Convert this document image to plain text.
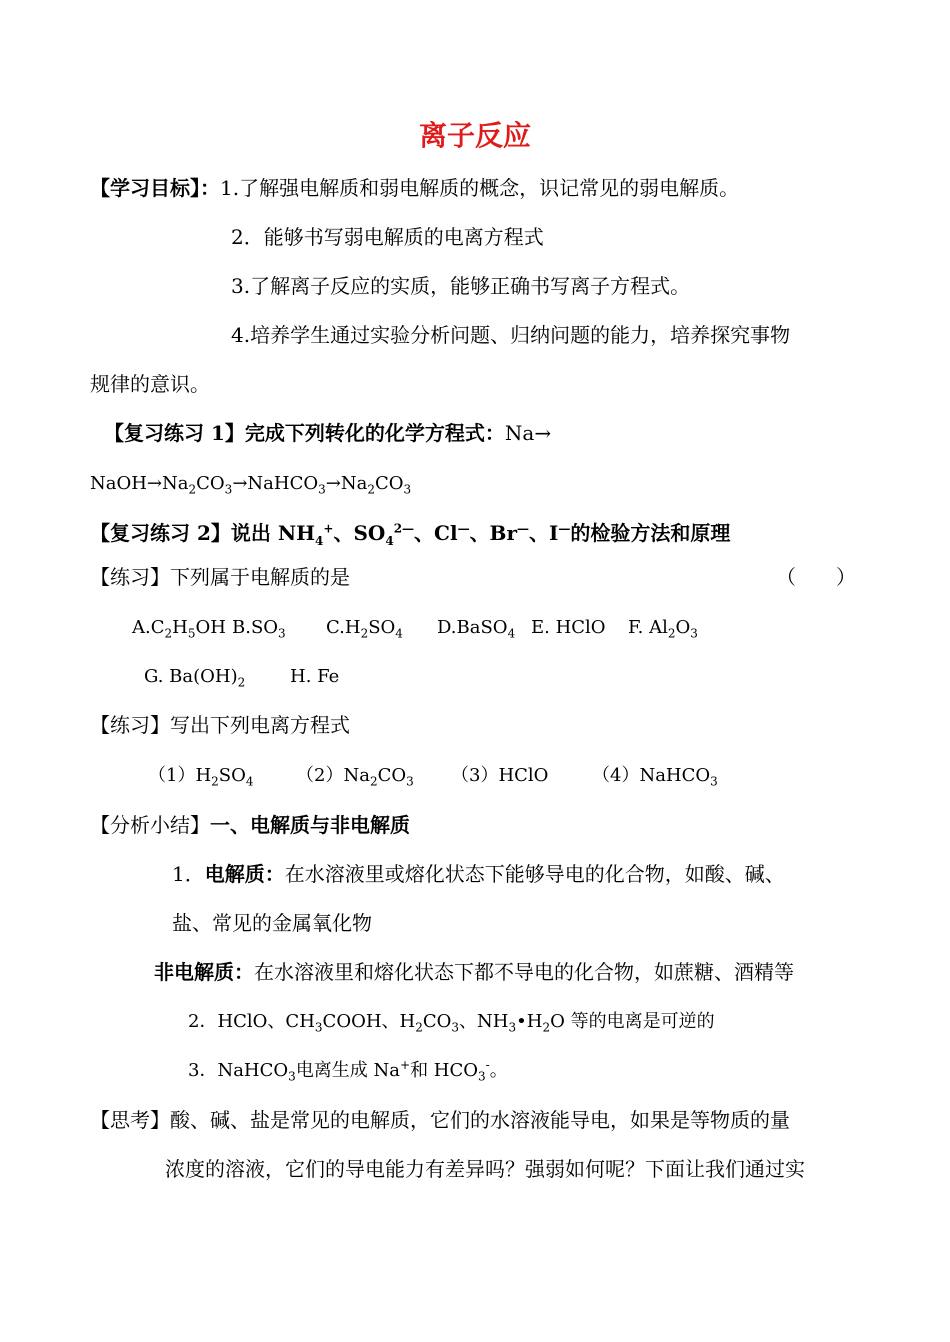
离子反应
【学习目标】：1.了解强电解质和弱电解质的概念，识记常见的弱电解质。
2．能够书写弱电解质的电离方程式
3.了解离子反应的实质，能够正确书写离子方程式。
4.培养学生通过实验分析问题、归纳问题的能力，培养探究事物
规律的意识。
【复习练习 1】完成下列转化的化学方程式：Na→
$NaOH\to Na_2CO_3\to NaHCO_3\to Na_2CO_3$
【复习练习 2】说出 $NH_4^+$、$SO_4^{2—}$、Cl—、Br—、I—的检验方法和原理
【练习】下列属于电解质的是	（　　）
$A.C_2H_5OH$ $B.SO_3$ $C.H_2SO_4$ D.BaSO$_4$ E. HClO F. $Al_2O_3$
G. $Ba(OH)_2$ H. Fe
【练习】写出下列电离方程式
$(1)H_2SO_4$ $(2)Na_2CO_3$ （3）HClO （4）NaHCO$_3$
【分析小结】一、电解质与非电解质
1．电解质：在水溶液里或熔化状态下能够导电的化合物，如酸、碱、
盐、常见的金属氧化物
非电解质：在水溶液里和熔化状态下都不导电的化合物，如蔗糖、酒精等
2．HClO、$CH_3COOH$、$H_2CO_3$、$NH_3•H_2O$ 等的电离是可逆的
3．NaHCO$_3$电离生成 Na+和 $HCO_3^-$。
【思考】酸、碱、盐是常见的电解质，它们的水溶液能导电，如果是等物质的量
浓度的溶液，它们的导电能力有差异吗？强弱如何呢？下面让我们通过实
